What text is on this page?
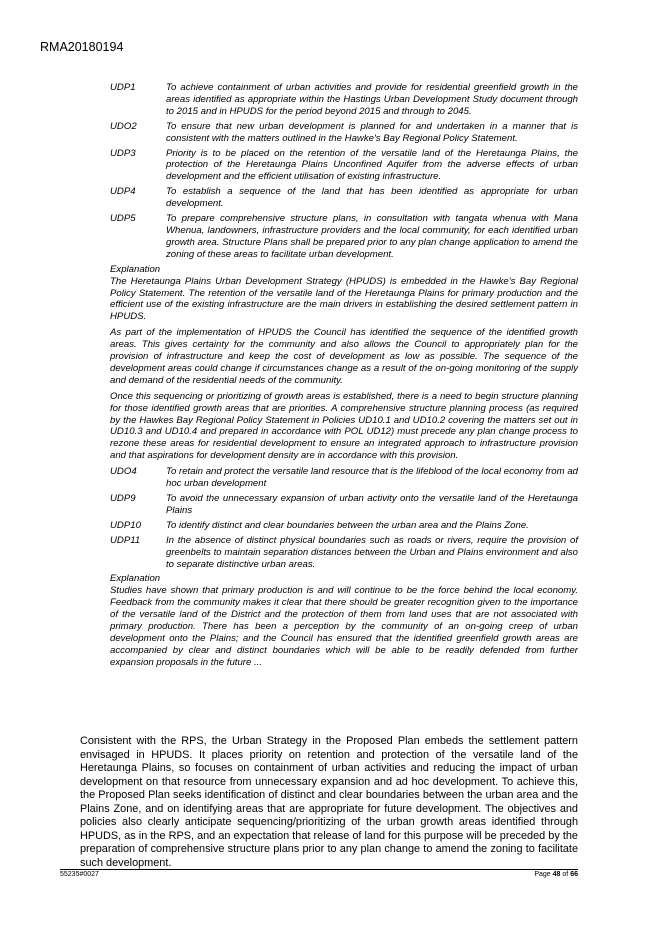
RMA20180194
UDP1	To achieve containment of urban activities and provide for residential greenfield growth in the areas identified as appropriate within the Hastings Urban Development Study document through to 2015 and in HPUDS for the period beyond 2015 and through to 2045.
UDO2	To ensure that new urban development is planned for and undertaken in a manner that is consistent with the matters outlined in the Hawke's Bay Regional Policy Statement.
UDP3	Priority is to be placed on the retention of the versatile land of the Heretaunga Plains, the protection of the Heretaunga Plains Unconfined Aquifer from the adverse effects of urban development and the efficient utilisation of existing infrastructure.
UDP4	To establish a sequence of the land that has been identified as appropriate for urban development.
UDP5	To prepare comprehensive structure plans, in consultation with tangata whenua with Mana Whenua, landowners, infrastructure providers and the local community, for each identified urban growth area. Structure Plans shall be prepared prior to any plan change application to amend the zoning of these areas to facilitate urban development.
Explanation

The Heretaunga Plains Urban Development Strategy (HPUDS) is embedded in the Hawke's Bay Regional Policy Statement. The retention of the versatile land of the Heretaunga Plains for primary production and the efficient use of the existing infrastructure are the main drivers in establishing the desired settlement pattern in HPUDS.

As part of the implementation of HPUDS the Council has identified the sequence of the identified growth areas. This gives certainty for the community and also allows the Council to appropriately plan for the provision of infrastructure and keep the cost of development as low as possible. The sequence of the development areas could change if circumstances change as a result of the on-going monitoring of the supply and demand of the residential needs of the community.

Once this sequencing or prioritizing of growth areas is established, there is a need to begin structure planning for those identified growth areas that are priorities. A comprehensive structure planning process (as required by the Hawkes Bay Regional Policy Statement in Policies UD10.1 and UD10.2 covering the matters set out in UD10.3 and UD10.4 and prepared in accordance with POL UD12) must precede any plan change process to rezone these areas for residential development to ensure an integrated approach to infrastructure provision and that aspirations for development density are in accordance with this provision.

UDO4	To retain and protect the versatile land resource that is the lifeblood of the local economy from ad hoc urban development
UDP9	To avoid the unnecessary expansion of urban activity onto the versatile land of the Heretaunga Plains
UDP10	To identify distinct and clear boundaries between the urban area and the Plains Zone.
UDP11	In the absence of distinct physical boundaries such as roads or rivers, require the provision of greenbelts to maintain separation distances between the Urban and Plains environment and also to separate distinctive urban areas.
Explanation

Studies have shown that primary production is and will continue to be the force behind the local economy. Feedback from the community makes it clear that there should be greater recognition given to the importance of the versatile land of the District and the protection of them from land uses that are not associated with primary production. There has been a perception by the community of an on-going creep of urban development onto the Plains; and the Council has ensured that the identified greenfield growth areas are accompanied by clear and distinct boundaries which will be able to be readily defended from further expansion proposals in the future ...

Consistent with the RPS, the Urban Strategy in the Proposed Plan embeds the settlement pattern envisaged in HPUDS. It places priority on retention and protection of the versatile land of the Heretaunga Plains, so focuses on containment of urban activities and reducing the impact of urban development on that resource from unnecessary expansion and ad hoc development. To achieve this, the Proposed Plan seeks identification of distinct and clear boundaries between the urban area and the Plains Zone, and on identifying areas that are appropriate for future development. The objectives and policies also clearly anticipate sequencing/prioritizing of the urban growth areas identified through HPUDS, as in the RPS, and an expectation that release of land for this purpose will be preceded by the preparation of comprehensive structure plans prior to any plan change to amend the zoning to facilitate such development.
55235#0027	Page 48 of 66
